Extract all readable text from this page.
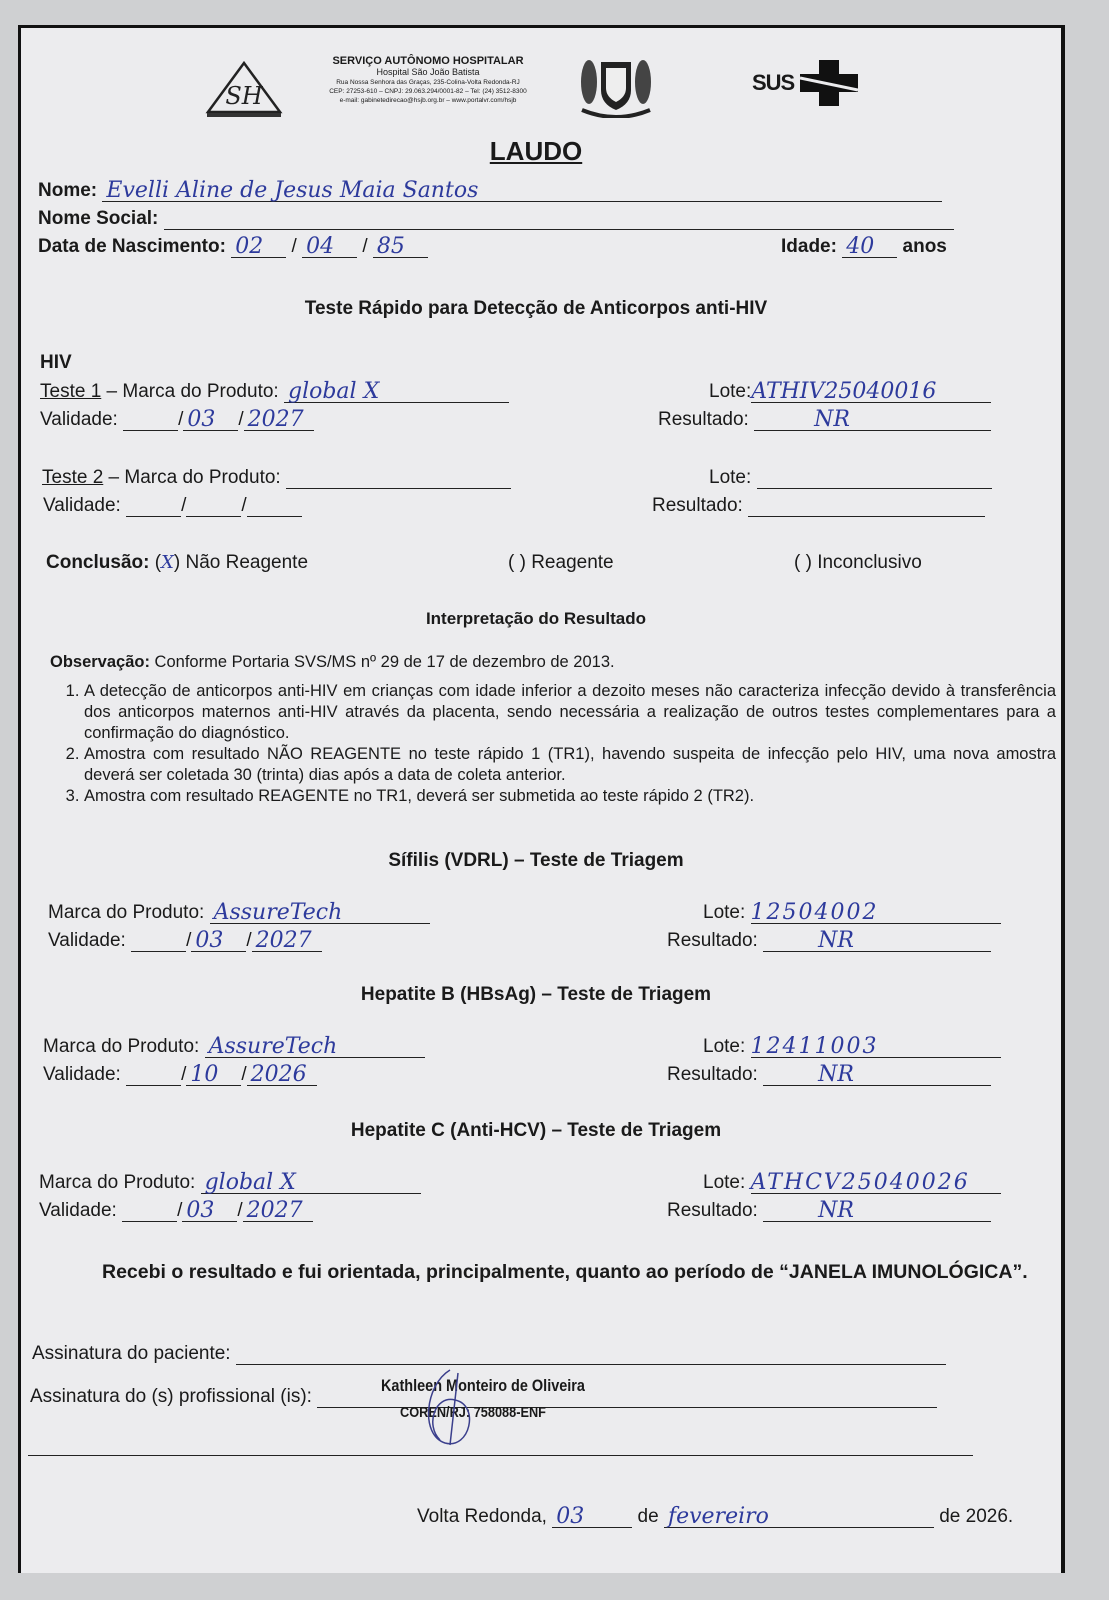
SH
SERVIÇO AUTÔNOMO HOSPITALAR
Hospital São João Batista
Rua Nossa Senhora das Graças, 235-Colina-Volta Redonda-RJ
CEP: 27253-610 – CNPJ: 29.063.294/0001-82 – Tel: (24) 3512-8300
e-mail: gabinetedirecao@hsjb.org.br – www.portalvr.com/hsjb
SUS
LAUDO
Nome: Evelli Aline de Jesus Maia Santos
Nome Social:
Data de Nascimento: 02 / 04 / 85	Idade: 40 anos
Teste Rápido para Detecção de Anticorpos anti-HIV
HIV
Teste 1 – Marca do Produto: global X	Lote: ATHIV25040016
Validade:	/ 03 / 2027	Resultado:	NR
Teste 2 – Marca do Produto:	Lote:
Validade:	/	/	Resultado:
Conclusão: (X) Não Reagente	( ) Reagente	( ) Inconclusivo
Interpretação do Resultado
Observação: Conforme Portaria SVS/MS nº 29 de 17 de dezembro de 2013.
1. A detecção de anticorpos anti-HIV em crianças com idade inferior a dezoito meses não caracteriza infecção devido à transferência dos anticorpos maternos anti-HIV através da placenta, sendo necessária a realização de outros testes complementares para a confirmação do diagnóstico.
2. Amostra com resultado NÃO REAGENTE no teste rápido 1 (TR1), havendo suspeita de infecção pelo HIV, uma nova amostra deverá ser coletada 30 (trinta) dias após a data de coleta anterior.
3. Amostra com resultado REAGENTE no TR1, deverá ser submetida ao teste rápido 2 (TR2).
Sífilis (VDRL) – Teste de Triagem
Marca do Produto: AssureTech	Lote: 12504002
Validade:	/ 03 / 2027	Resultado:	NR
Hepatite B (HBsAg) – Teste de Triagem
Marca do Produto: AssureTech	Lote: 12411003
Validade:	/ 10 / 2026	Resultado:	NR
Hepatite C (Anti-HCV) – Teste de Triagem
Marca do Produto: global X	Lote: ATHCV25040026
Validade:	/ 03 / 2027	Resultado:	NR
Recebi o resultado e fui orientada, principalmente, quanto ao período de “JANELA IMUNOLÓGICA”.
Assinatura do paciente:
Assinatura do (s) profissional (is):
Kathleen Monteiro de Oliveira
COREN/RJ: 758088-ENF
Volta Redonda, 03	de fevereiro	de 2026.
